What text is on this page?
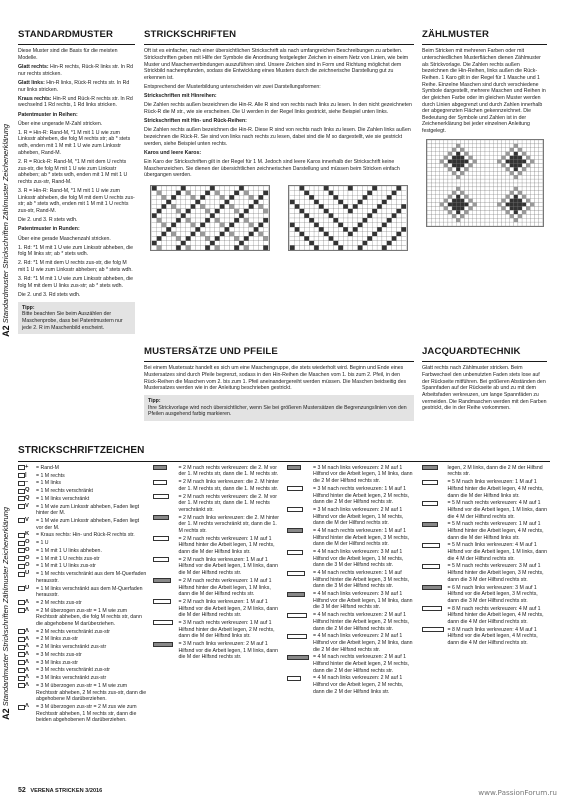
A2 Standardmuster Strickschriften Zählmuster Zeichenerklärung
A2 Standardmuster Strickschriften Zählmuster Zeichenerklärung
STANDARDMUSTER

Diese Muster sind die Basis für die meisten Modelle.

Glatt rechts: Hin-R rechts, Rück-R links str. In Rd nur rechts stricken.

Glatt links: Hin-R links, Rück-R rechts str. In Rd nur links stricken.

Kraus rechts: Hin-R und Rück-R rechts str. In Rd wechselnd 1 Rd rechts, 1 Rd links stricken.

Patentmuster in Reihen:

Über eine ungerade M-Zahl stricken.

1. R = Hin-R: Rand-M, *1 M mit 1 U wie zum Linksstr abheben, die folg M rechts str; ab * stets wdh, enden mit 1 M mit 1 U wie zum Linksstr abheben, Rand-M.

2. R = Rück-R: Rand-M, *1 M mit dem U rechts zus-str, die folg M mit 1 U wie zum Linksstr abheben; ab * stets wdh, enden mit 1 M mit 1 U rechts zus-str, Rand-M.

3. R = Hin-R: Rand-M, *1 M mit 1 U wie zum Linksstr abheben, die folg M mit dem U rechts zus-str; ab * stets wdh, enden mit 1 M mit 1 U rechts zus-str, Rand-M.

Die 2. und 3. R stets wdh.

Patentmuster in Runden:

Über eine gerade Maschenzahl stricken.

1. Rd: *1 M mit 1 U wie zum Linksstr abheben, die folg M links str; ab * stets wdh.

2. Rd: *1 M mit dem U rechts zus-str, die folg M mit 1 U wie zum Linksstr abheben; ab * stets wdh.

3. Rd: *1 M mit 1 U wie zum Linksstr abheben, die folg M mit dem U links zus-str; ab * stets wdh.

Die 2. und 3. Rd stets wdh.

Tipp:
Bitte beachten Sie beim Auszählen der Maschenprobe, dass bei Patentmustern nur jede 2. R im Maschenbild erscheint.
STRICKSCHRIFTEN

Oft ist es einfacher, nach einer übersichtlichen Strickschrift als nach umfangreichen Beschreibungen zu arbeiten. Strickschriften geben mit Hilfe der Symbole die Anordnung festgelegter Zeichen in einem Netz von Linien, wie beim Muster und Maschenverbindungen auszuführen sind. Unsere Zeichen sind in Form und Richtung möglichst dem Strickbild nachempfunden, sodass die Entwicklung eines Musters durch die zeichnerische Darstellung gut zu erkennen ist.

Entsprechend der Musterbildung unterscheiden wir zwei Darstellungsformen:

Strickschriften mit Hinreihen:

Die Zahlen rechts außen bezeichnen die Hin-R. Alle R sind von rechts nach links zu lesen. In den nicht gezeichneten Rück-R die M str., wie sie erscheinen. Die U werden in der Regel links gestrickt, siehe Beispiel unten links.

Strickschriften mit Hin- und Rück-Reihen:

Die Zahlen rechts außen bezeichnen die Hin-R. Diese R sind von rechts nach links zu lesen. Die Zahlen links außen bezeichnen die Rück-R. Sie sind von links nach rechts zu lesen, dabei sind die M so dargestellt, wie sie gestrickt werden, siehe Beispiel unten rechts.

Karos und leere Karos:

Ein Karo der Strickschriften gilt in der Regel für 1 M. Jedoch sind leere Karos innerhalb der Strickschrift keine Maschenzeichen. Sie dienen der übersichtlichen zeichnerischen Darstellung und müssen beim Stricken einfach übergangen werden.

ZÄHLMUSTER

Beim Stricken mit mehreren Farben oder mit unterschiedlichen Musterflächen dienen Zählmuster als Strickvorlage. Die Zahlen rechts außen bezeichnen die Hin-Reihen, links außen die Rück-Reihen. 1 Karo gilt in der Regel für 1 Masche und 1 Reihe. Einzelne Maschen sind durch verschiedene Symbole dargestellt, mehrere Maschen und Reihen in der gleichen Farbe oder im gleichen Muster werden durch Linien abgegrenzt und durch Zahlen innerhalb der abgegrenzten Flächen gekennzeichnet. Die Bedeutung der Symbole und Zahlen ist in der Zeichenerklärung bei jeder einzelnen Anleitung festgelegt.

MUSTERSÄTZE UND PFEILE

Bei einem Mustersatz handelt es sich um eine Maschengruppe, die stets wiederholt wird. Beginn und Ende eines Mustersatzes sind durch Pfeile begrenzt, sodass in den Hin-Reihen die Maschen vom 1. bis zum 2. Pfeil, in den Rück-Reihen die Maschen vom 2. bis zum 1. Pfeil aneinandergereiht werden müssen. Die Maschen beidseitig des Mustersatzes werden wie in der Anleitung beschrieben gestrickt.

Tipp:
Ihre Strickvorlage wird noch übersichtlicher, wenn Sie bei größeren Mustersätzen die Begrenzungslinien von den Pfeilen ausgehend farbig markieren.
JACQUARDTECHNIK

Glatt rechts nach Zählmuster stricken. Beim Farbwechsel den unbenutzten Faden stets lose auf der Rückseite mitführen. Bei größeren Abständen den Spannfaden auf der Rückseite ab und zu mit dem Arbeitsfaden verkreuzen, um lange Spannfäden zu vermeiden. Die Randmaschen werden mit den Farben gestrickt, die in der Reihe vorkommen.

STRICKSCHRIFTZEICHEN
+ = Rand-M
| = 1 M rechts
– = 1 M links
Q = 1 M rechts verschränkt
Q = 1 M links verschränkt
V = 1 M wie zum Linksstr abheben, Faden liegt hinter der M.
V = 1 M wie zum Linksstr abheben, Faden liegt vor der M.
K = Kraus rechts: Hin- und Rück-R rechts str.
O = 1 U
O = 1 M mit 1 U links abheben.
O = 1 M mit 1 U rechts zus-str
O = 1 M mit 1 U links zus-str
U = 1 M rechts verschränkt aus dem M-Querfaden herausstr.
U = 1 M links verschränkt aus dem M-Querfaden herausstr.
Λ = 2 M rechts zus-str
Λ = 2 M überzogen zus-str = 1 M wie zum Rechtsstr abheben, die folg M rechts str, dann die abgehobene M darüberziehen.
Λ = 2 M rechts verschränkt zus-str
Λ = 2 M links zus-str
Λ = 2 M links verschränkt zus-str
Λ = 3 M rechts zus-str
Λ = 3 M links zus-str
Λ = 3 M rechts verschränkt zus-str
Λ = 3 M links verschränkt zus-str
Λ = 3 M überzogen zus-str = 1 M wie zum Rechtsstr abheben, 2 M rechts zus-str, dann die abgehobene M darüberziehen.
Λ = 3 M überzogen zus-str = 2 M zus wie zum Rechtsstr abheben, 1 M rechts str, dann die beiden abgehobenen M darüberziehen.
= 2 M nach rechts verkreuzen: die 2. M vor der 1. M rechts str, dann die 1. M rechts str.
= 2 M nach links verkreuzen: die 2. M hinter der 1. M rechts str, dann die 1. M rechts str.
= 2 M nach rechts verkreuzen: die 2. M vor der 1. M rechts str, dann die 1. M rechts verschränkt str.
= 2 M nach links verkreuzen: die 2. M hinter der 1. M rechts verschränkt str, dann die 1. M rechts str.
= 2 M nach rechts verkreuzen: 1 M auf 1 Hilfsnd hinter die Arbeit legen, 1 M rechts, dann die M der Hilfsnd links str.
= 2 M nach links verkreuzen: 1 M auf 1 Hilfsnd vor die Arbeit legen, 1 M links, dann die M der Hilfsnd rechts str.
= 2 M nach rechts verkreuzen: 1 M auf 1 Hilfsnd hinter die Arbeit legen, 1 M links, dann die M der Hilfsnd rechts str.
= 2 M nach links verkreuzen: 1 M auf 1 Hilfsnd vor die Arbeit legen, 2 M links, dann die M der Hilfsnd rechts str.
= 3 M nach rechts verkreuzen: 1 M auf 1 Hilfsnd hinter die Arbeit legen, 2 M rechts, dann die M der Hilfsnd links str.
= 3 M nach links verkreuzen: 2 M auf 1 Hilfsnd vor die Arbeit legen, 1 M links, dann die M der Hilfsnd rechts str.
= 3 M nach links verkreuzen: 2 M auf 1 Hilfsnd vor die Arbeit legen, 1 M links, dann die 2 M der Hilfsnd rechts str.
= 3 M nach rechts verkreuzen: 1 M auf 1 Hilfsnd hinter die Arbeit legen, 2 M rechts, dann die 2 M der Hilfsnd rechts str.
= 3 M nach links verkreuzen: 2 M auf 1 Hilfsnd vor die Arbeit legen, 1 M rechts, dann die M der Hilfsnd rechts str.
= 4 M nach rechts verkreuzen: 1 M auf 1 Hilfsnd hinter die Arbeit legen, 3 M rechts, dann die M der Hilfsnd rechts str.
= 4 M nach links verkreuzen: 3 M auf 1 Hilfsnd vor die Arbeit legen, 1 M rechts, dann die 3 M der Hilfsnd rechts str.
= 4 M nach rechts verkreuzen: 1 M auf Hilfsnd hinter die Arbeit legen, 3 M rechts, dann die 3 M der Hilfsnd rechts str.
= 4 M nach links verkreuzen: 3 M auf 1 Hilfsnd vor die Arbeit legen, 1 M links, dann die 3 M der Hilfsnd rechts str.
= 4 M nach rechts verkreuzen: 2 M auf 1 Hilfsnd hinter die Arbeit legen, 2 M rechts, dann die 2 M der Hilfsnd rechts str.
= 4 M nach links verkreuzen: 2 M auf 1 Hilfsnd vor die Arbeit legen, 2 M links, dann die 2 M der Hilfsnd rechts str.
= 4 M nach rechts verkreuzen: 2 M auf 1 Hilfsnd hinter die Arbeit legen, 2 M rechts, dann die 2 M der Hilfsnd rechts str.
= 4 M nach links verkreuzen: 2 M auf 1 Hilfsnd vor die Arbeit legen, 2 M rechts, dann die 2 M der Hilfsnd links str.
legen, 2 M links, dann die 2 M der Hilfsnd rechts str.
= 5 M nach links verkreuzen: 1 M auf 1 Hilfsnd hinter die Arbeit legen, 4 M rechts, dann die M der Hilfsnd links str.
= 5 M nach rechts verkreuzen: 4 M auf 1 Hilfsnd vor die Arbeit legen, 1 M links, dann die 4 M der Hilfsnd rechts str.
= 5 M nach rechts verkreuzen: 1 M auf 1 Hilfsnd hinter die Arbeit legen, 4 M rechts, dann die M der Hilfsnd links str.
= 5 M nach links verkreuzen: 4 M auf 1 Hilfsnd vor die Arbeit legen, 1 M links, dann die 4 M der Hilfsnd rechts str.
= 5 M nach rechts verkreuzen: 3 M auf 1 Hilfsnd hinter die Arbeit legen, 3 M rechts, dann die 3 M der Hilfsnd rechts str.
= 6 M nach links verkreuzen: 3 M auf 1 Hilfsnd vor die Arbeit legen, 3 M rechts, dann die 3 M der Hilfsnd rechts str.
= 8 M nach rechts verkreuzen: 4 M auf 1 Hilfsnd hinter die Arbeit legen, 4 M rechts, dann die 4 M der Hilfsnd rechts str.
= 8 M nach links verkreuzen: 4 M auf 1 Hilfsnd vor die Arbeit legen, 4 M rechts, dann die 4 M der Hilfsnd rechts str.
52 VERENA STRICKEN 3/2016	www.PassionForum.ru
